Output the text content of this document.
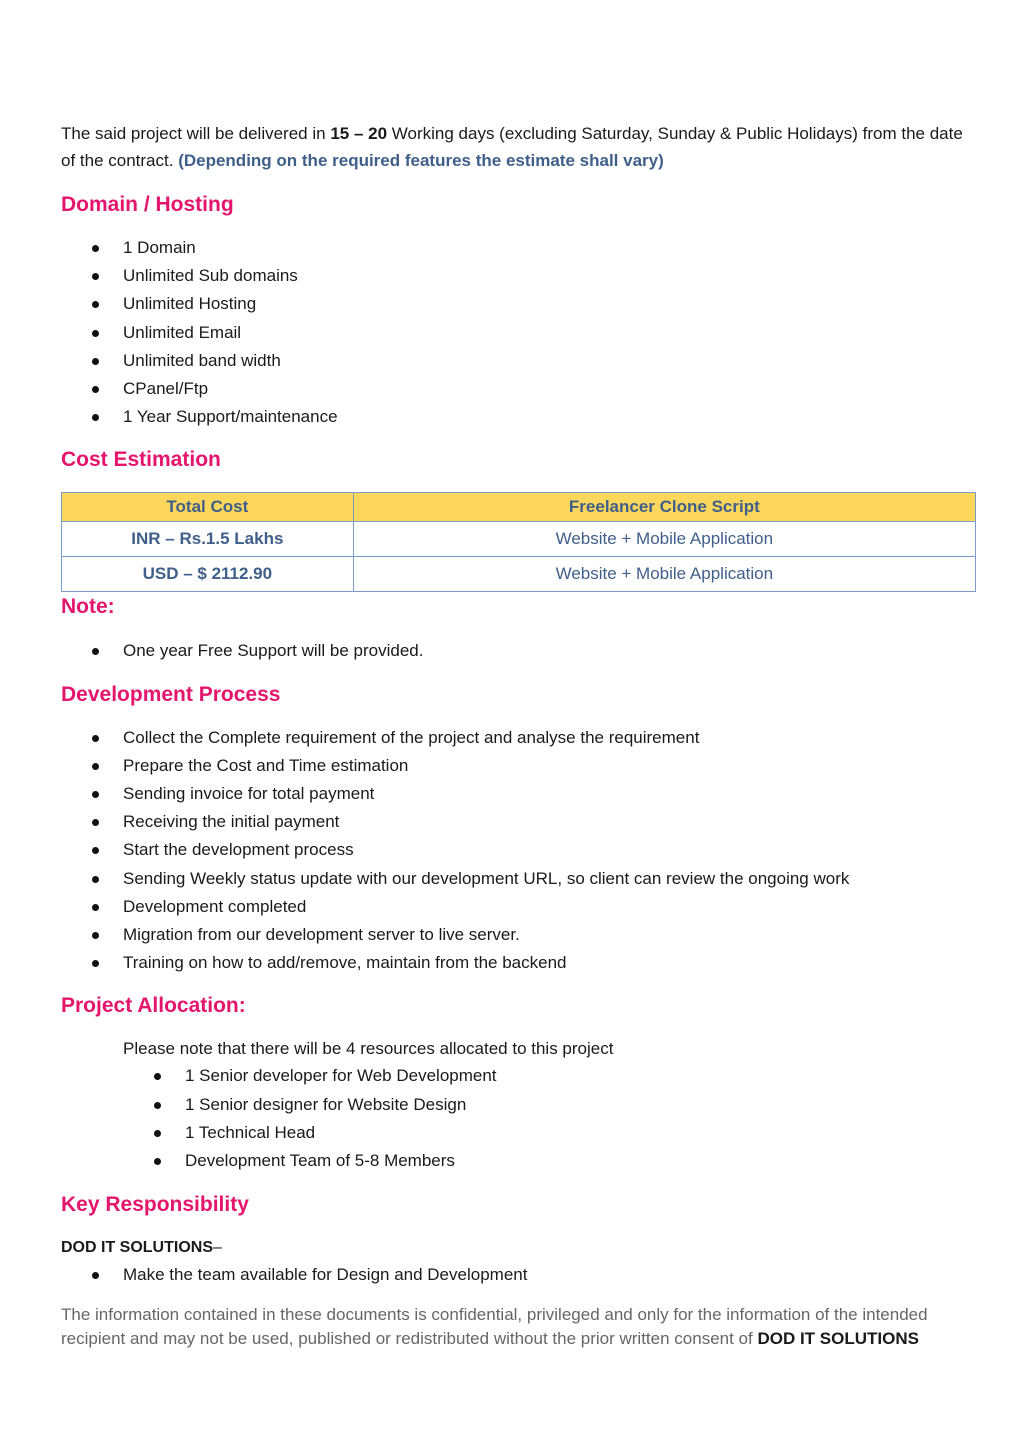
The said project will be delivered in 15 – 20 Working days (excluding Saturday, Sunday & Public Holidays) from the date of the contract. (Depending on the required features the estimate shall vary)

Domain / Hosting
1 Domain
Unlimited Sub domains
Unlimited Hosting
Unlimited Email
Unlimited band width
CPanel/Ftp
1 Year Support/maintenance
Cost Estimation
Total Cost	Freelancer Clone Script
INR – Rs.1.5 Lakhs	Website + Mobile Application
USD – $ 2112.90	Website + Mobile Application
Note:
One year Free Support will be provided.
Development Process
Collect the Complete requirement of the project and analyse the requirement
Prepare the Cost and Time estimation
Sending invoice for total payment
Receiving the initial payment
Start the development process
Sending Weekly status update with our development URL, so client can review the ongoing work
Development completed
Migration from our development server to live server.
Training on how to add/remove, maintain from the backend
Project Allocation:

Please note that there will be 4 resources allocated to this project

1 Senior developer for Web Development
1 Senior designer for Website Design
1 Technical Head
Development Team of 5-8 Members
Key Responsibility

DOD IT SOLUTIONS–

Make the team available for Design and Development

The information contained in these documents is confidential, privileged and only for the information of the intended recipient and may not be used, published or redistributed without the prior written consent of DOD IT SOLUTIONS
